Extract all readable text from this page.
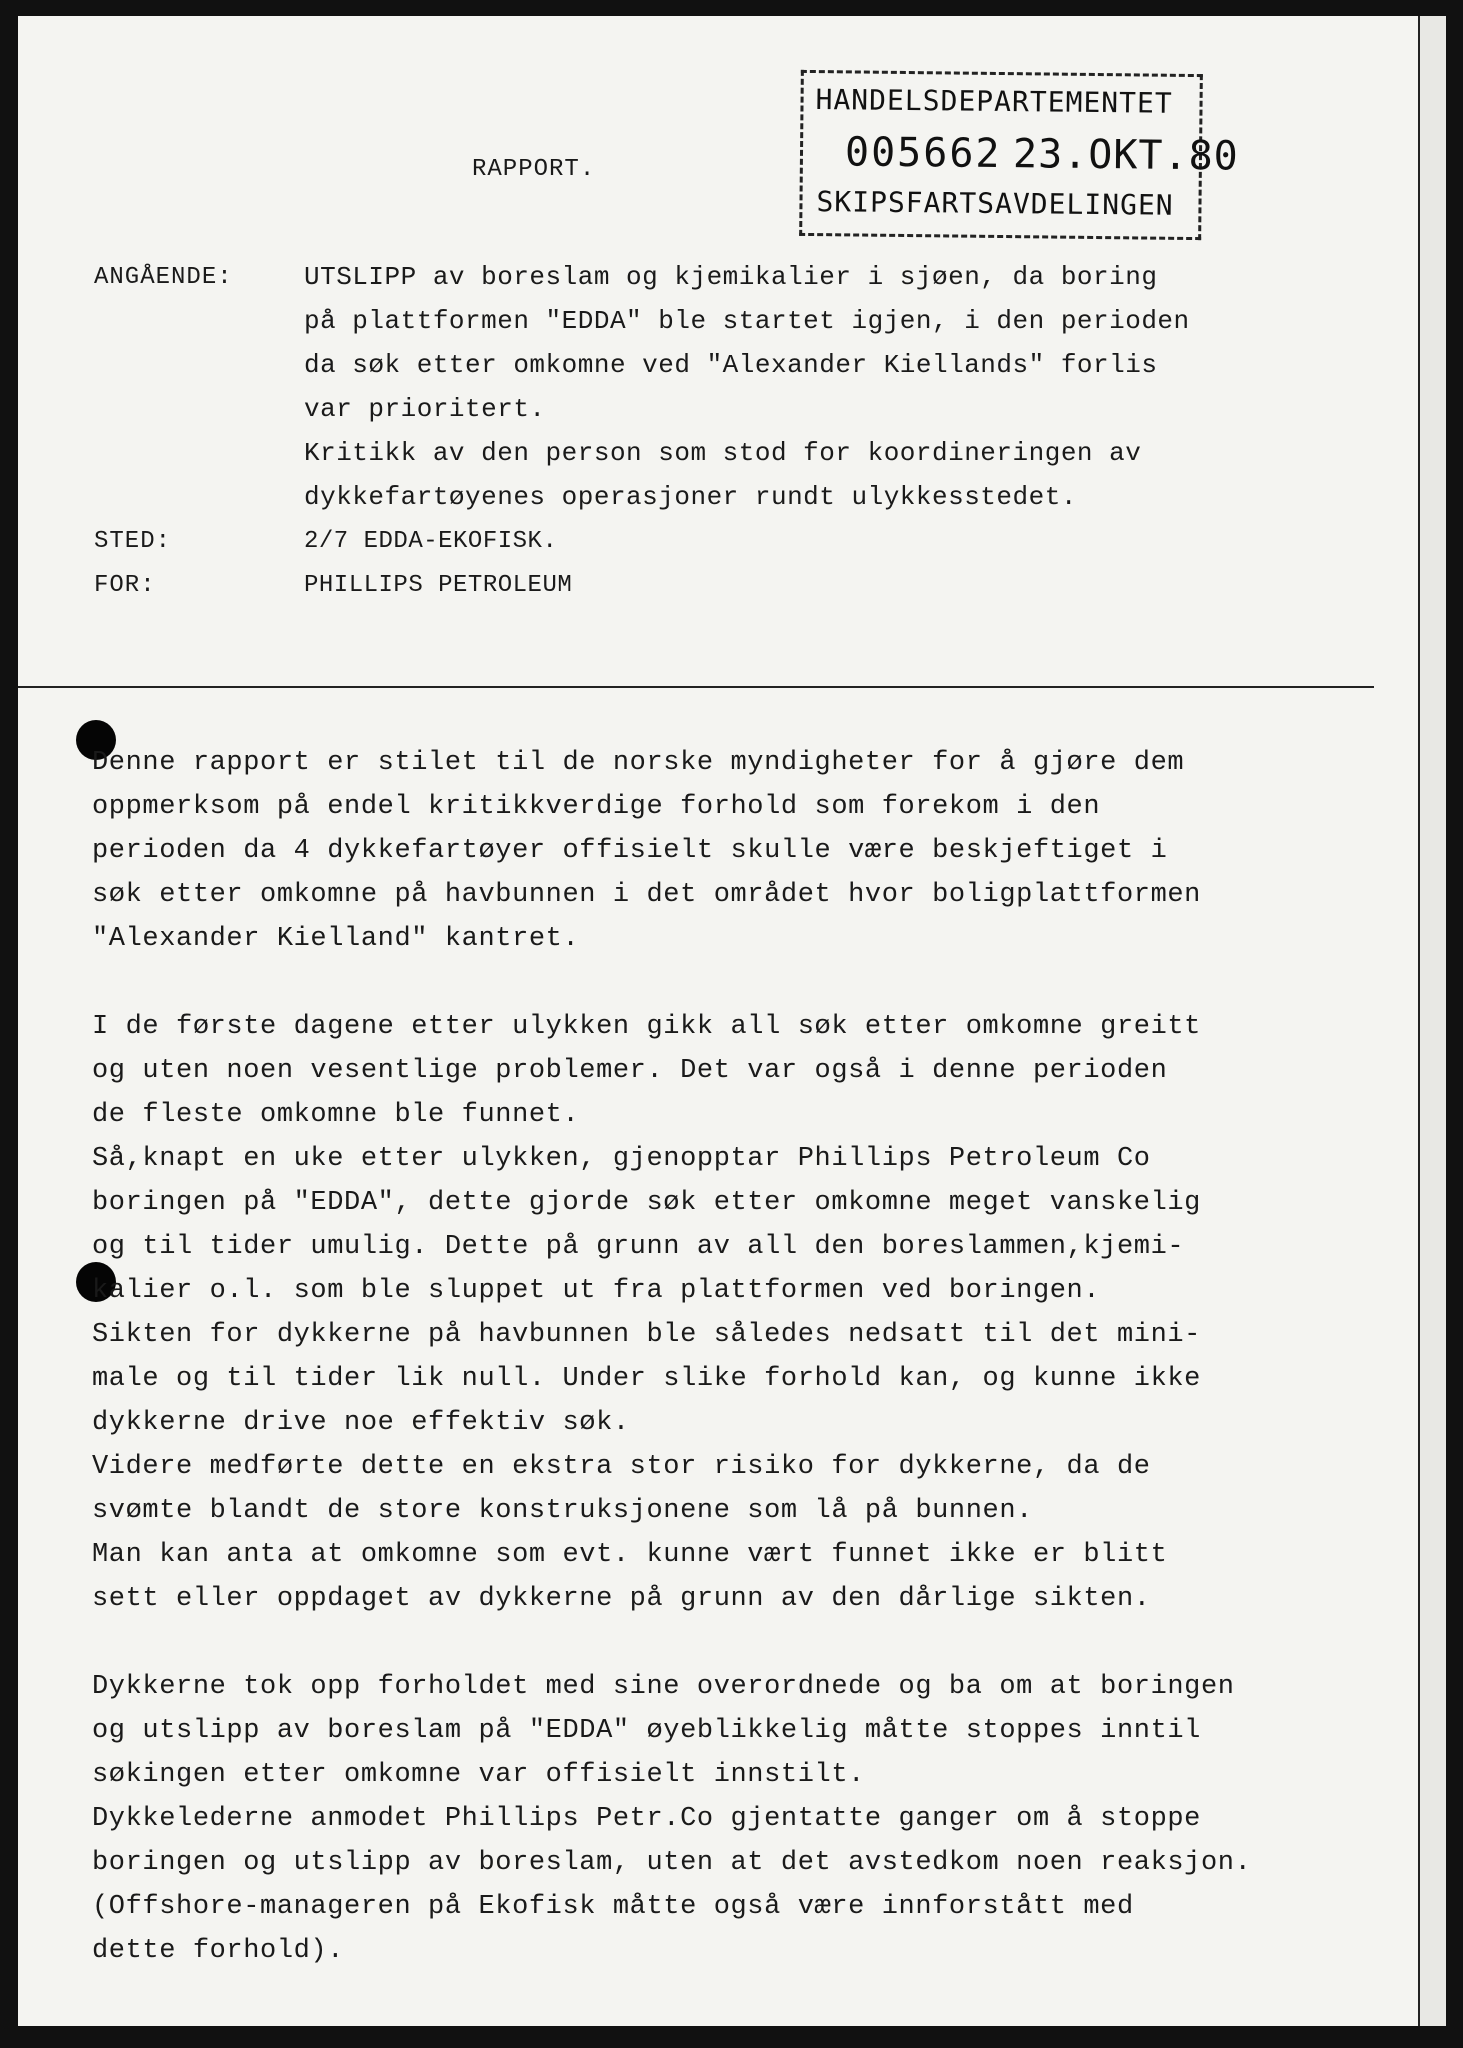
HANDELSDEPARTEMENTET
005662 23.OKT.80
SKIPSFARTSAVDELINGEN
RAPPORT.
ANGÅENDE:	UTSLIPP av boreslam og kjemikalier i sjøen, da boring
på plattformen "EDDA" ble startet igjen, i den perioden
da søk etter omkomne ved "Alexander Kiellands" forlis
var prioritert.
Kritikk av den person som stod for koordineringen av
dykkefartøyenes operasjoner rundt ulykkesstedet.
STED:	2/7 EDDA-EKOFISK.
FOR:	PHILLIPS PETROLEUM
Denne rapport er stilet til de norske myndigheter for å gjøre dem
oppmerksom på endel kritikkverdige forhold som forekom i den
perioden da 4 dykkefartøyer offisielt skulle være beskjeftiget i
søk etter omkomne på havbunnen i det området hvor boligplattformen
"Alexander Kielland" kantret.
I de første dagene etter ulykken gikk all søk etter omkomne greitt
og uten noen vesentlige problemer. Det var også i denne perioden
de fleste omkomne ble funnet.
Så,knapt en uke etter ulykken, gjenopptar Phillips Petroleum Co
boringen på "EDDA", dette gjorde søk etter omkomne meget vanskelig
og til tider umulig. Dette på grunn av all den boreslammen,kjemi-
kalier o.l. som ble sluppet ut fra plattformen ved boringen.
Sikten for dykkerne på havbunnen ble således nedsatt til det mini-
male og til tider lik null. Under slike forhold kan, og kunne ikke
dykkerne drive noe effektiv søk.
Videre medførte dette en ekstra stor risiko for dykkerne, da de
svømte blandt de store konstruksjonene som lå på bunnen.
Man kan anta at omkomne som evt. kunne vært funnet ikke er blitt
sett eller oppdaget av dykkerne på grunn av den dårlige sikten.
Dykkerne tok opp forholdet med sine overordnede og ba om at boringen
og utslipp av boreslam på "EDDA" øyeblikkelig måtte stoppes inntil
søkingen etter omkomne var offisielt innstilt.
Dykkelederne anmodet Phillips Petr.Co gjentatte ganger om å stoppe
boringen og utslipp av boreslam, uten at det avstedkom noen reaksjon.
(Offshore-manageren på Ekofisk måtte også være innforstått med
dette forhold).
